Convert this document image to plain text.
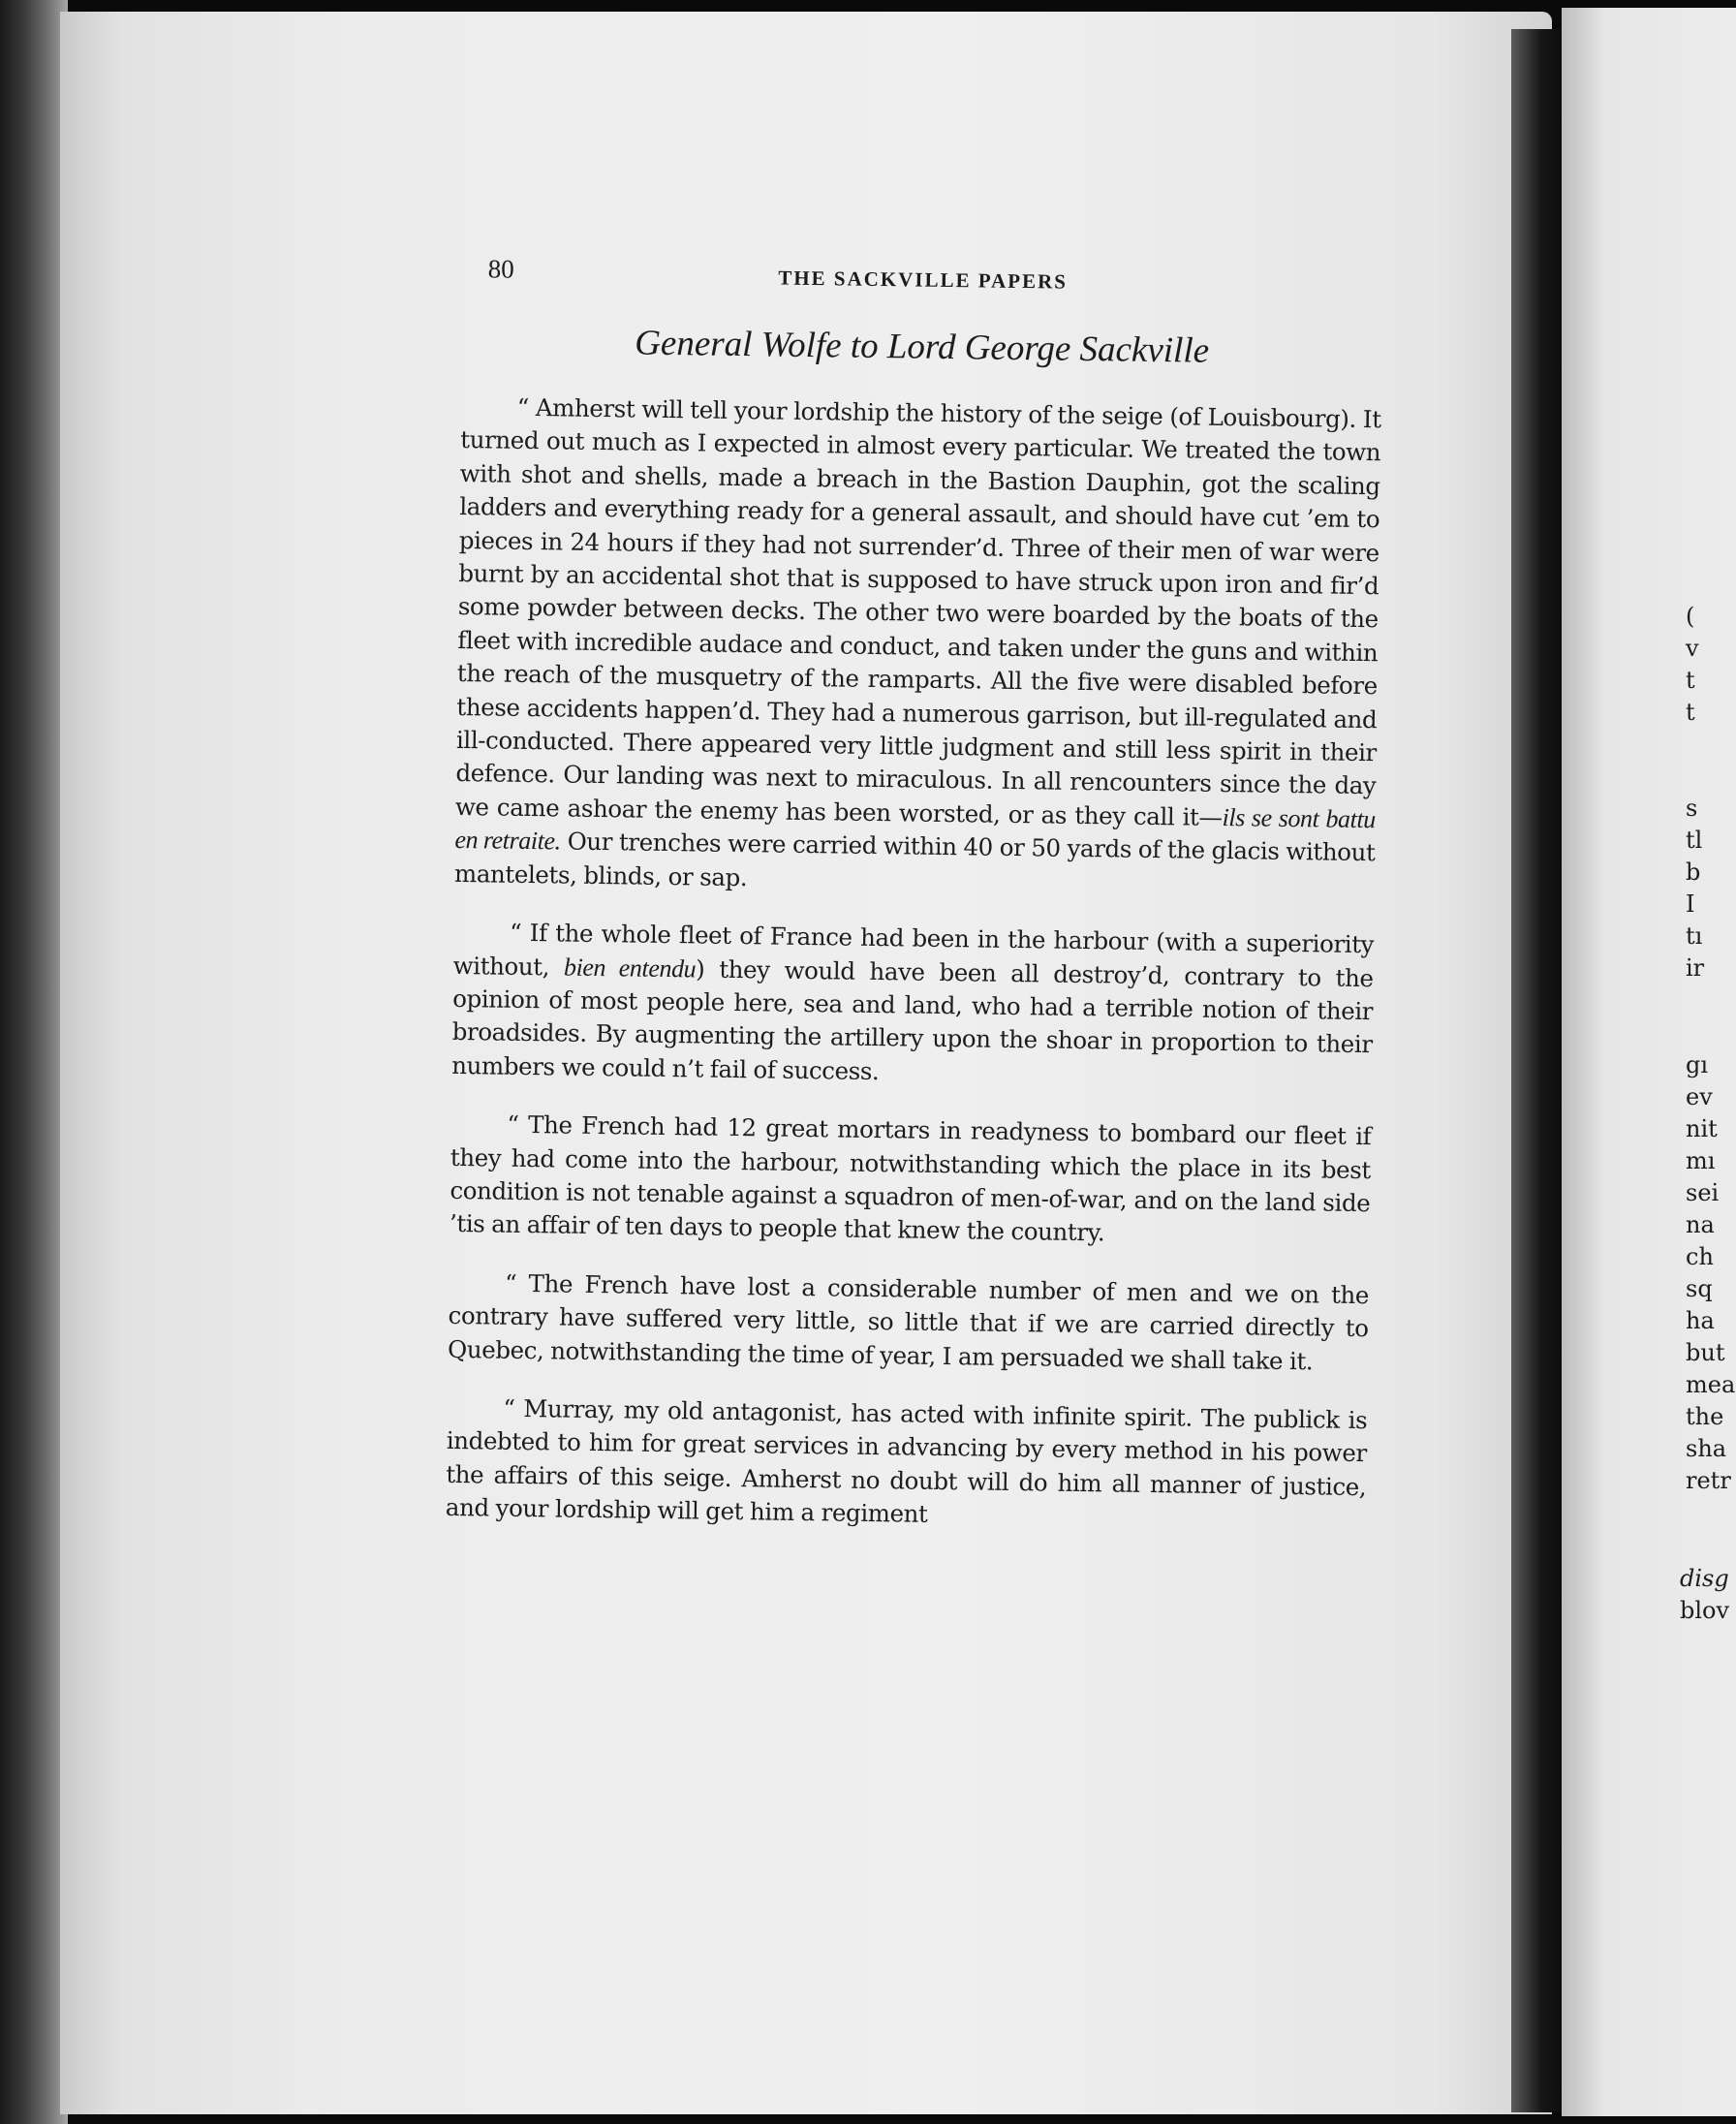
(
v
t
t
s
tl
b
I
tı
ir
gı
ev
nit
mı
sei
na
ch
sq
ha
but
mea
the
sha
retr
disg
blov
80	THE SACKVILLE PAPERS
General Wolfe to Lord George Sackville

“ Amherst will tell your lordship the history of the seige (of Louisbourg). It turned out much as I expected in almost every particular. We treated the town with shot and shells, made a breach in the Bastion Dauphin, got the scaling ladders and everything ready for a general assault, and should have cut ’em to pieces in 24 hours if they had not surrender’d. Three of their men of war were burnt by an accidental shot that is supposed to have struck upon iron and fir’d some powder between decks. The other two were boarded by the boats of the fleet with incredible audace and conduct, and taken under the guns and within the reach of the musquetry of the ramparts. All the five were disabled before these accidents happen’d. They had a numerous garrison, but ill-regulated and ill-conducted. There appeared very little judgment and still less spirit in their defence. Our landing was next to miraculous. In all rencounters since the day we came ashoar the enemy has been worsted, or as they call it—ils se sont battu en retraite. Our trenches were carried within 40 or 50 yards of the glacis without mantelets, blinds, or sap.

“ If the whole fleet of France had been in the harbour (with a superiority without, bien entendu) they would have been all destroy’d, contrary to the opinion of most people here, sea and land, who had a terrible notion of their broadsides. By augmenting the artillery upon the shoar in proportion to their numbers we could n’t fail of success.

“ The French had 12 great mortars in readyness to bombard our fleet if they had come into the harbour, notwithstanding which the place in its best condition is not tenable against a squadron of men-of-war, and on the land side ’tis an affair of ten days to people that knew the country.

“ The French have lost a considerable number of men and we on the contrary have suffered very little, so little that if we are carried directly to Quebec, notwithstanding the time of year, I am persuaded we shall take it.

“ Murray, my old antagonist, has acted with infinite spirit. The publick is indebted to him for great services in advancing by every method in his power the affairs of this seige. Amherst no doubt will do him all manner of justice, and your lordship will get him a regiment
